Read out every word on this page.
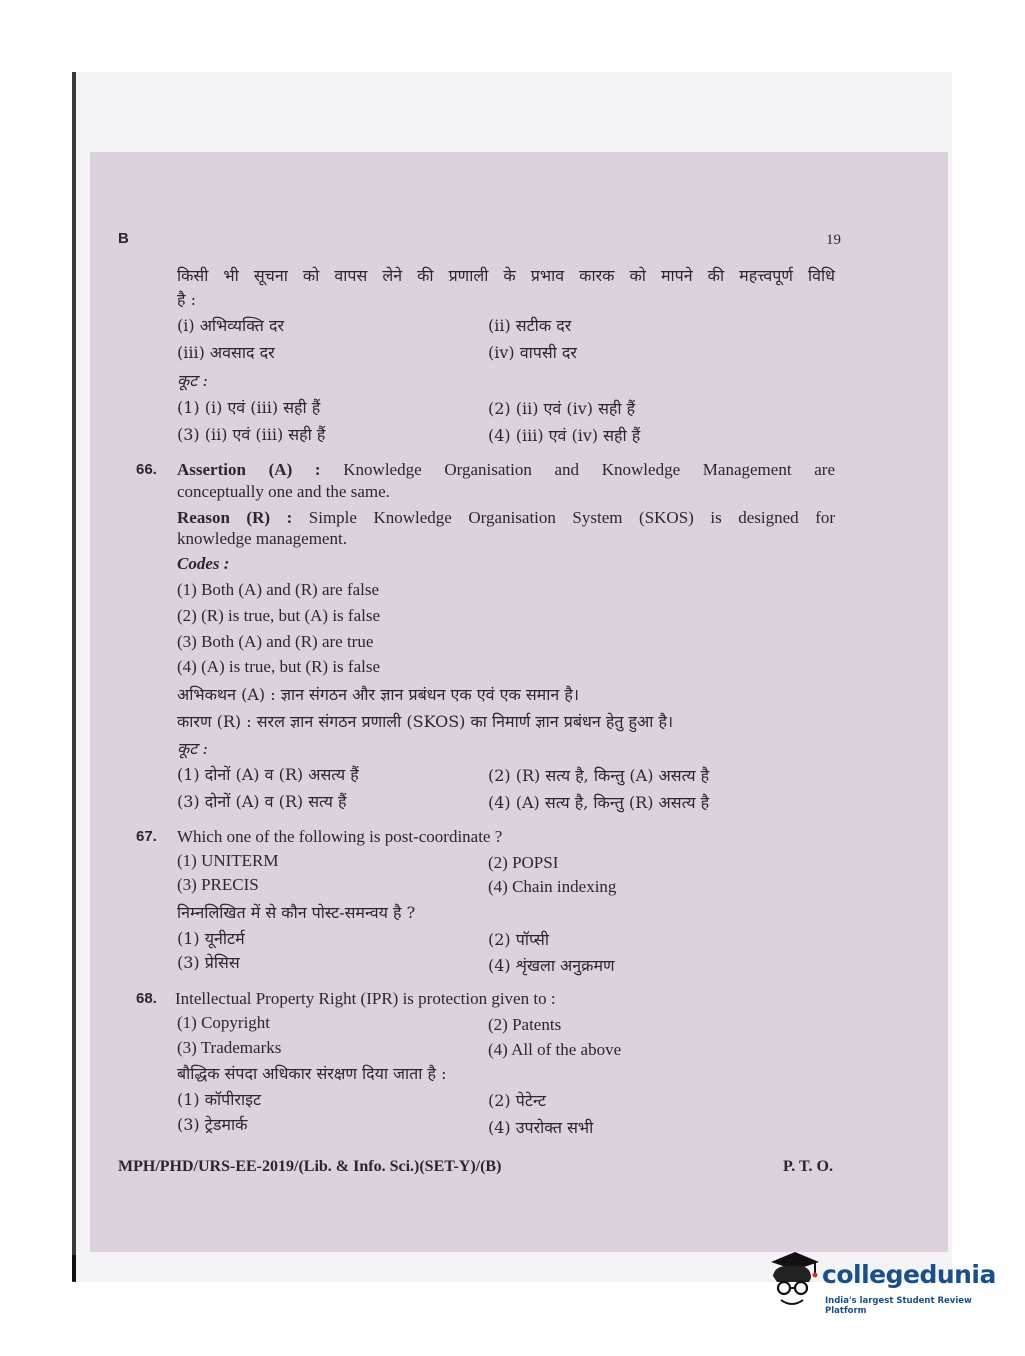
B	19
किसी भी सूचना को वापस लेने की प्रणाली के प्रभाव कारक को मापने की महत्त्वपूर्ण विधि
है :
(i) अभिव्यक्ति दर	(ii) सटीक दर
(iii) अवसाद दर	(iv) वापसी दर
कूट :
(1) (i) एवं (iii) सही हैं	(2) (ii) एवं (iv) सही हैं
(3) (ii) एवं (iii) सही हैं	(4) (iii) एवं (iv) सही हैं
66. Assertion (A) : Knowledge Organisation and Knowledge Management are
conceptually one and the same.
Reason (R) : Simple Knowledge Organisation System (SKOS) is designed for
knowledge management.
Codes :
(1) Both (A) and (R) are false
(2) (R) is true, but (A) is false
(3) Both (A) and (R) are true
(4) (A) is true, but (R) is false
अभिकथन (A) : ज्ञान संगठन और ज्ञान प्रबंधन एक एवं एक समान है।
कारण (R) : सरल ज्ञान संगठन प्रणाली (SKOS) का निमार्ण ज्ञान प्रबंधन हेतु हुआ है।
कूट :
(1) दोनों (A) व (R) असत्य हैं	(2) (R) सत्य है, किन्तु (A) असत्य है
(3) दोनों (A) व (R) सत्य हैं	(4) (A) सत्य है, किन्तु (R) असत्य है
67. Which one of the following is post-coordinate ?
(1) UNITERM	(2) POPSI
(3) PRECIS	(4) Chain indexing
निम्नलिखित में से कौन पोस्ट-समन्वय है ?
(1) यूनीटर्म	(2) पॉप्सी
(3) प्रेसिस	(4) शृंखला अनुक्रमण
68. Intellectual Property Right (IPR) is protection given to :
(1) Copyright	(2) Patents
(3) Trademarks	(4) All of the above
बौद्धिक संपदा अधिकार संरक्षण दिया जाता है :
(1) कॉपीराइट	(2) पेटेन्ट
(3) ट्रेडमार्क	(4) उपरोक्त सभी
MPH/PHD/URS-EE-2019/(Lib. & Info. Sci.)(SET-Y)/(B)	P. T. O.
collegedunia
India's largest Student Review Platform
